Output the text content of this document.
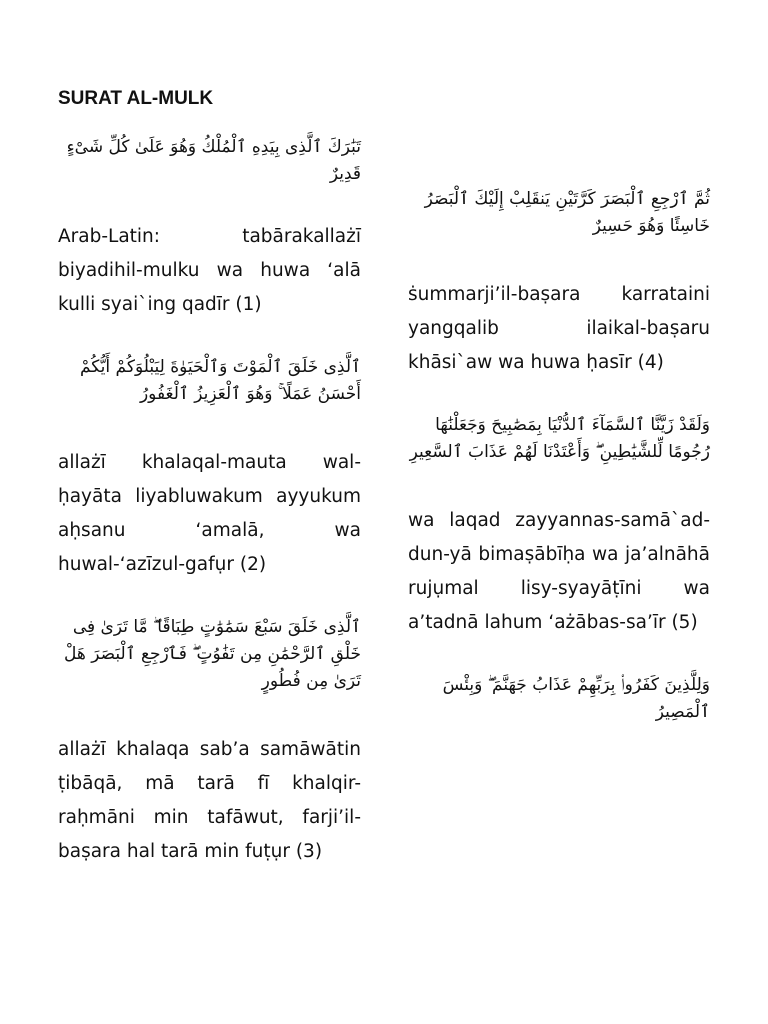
SURAT AL-MULK

تَبَٰرَكَ ٱلَّذِى بِيَدِهِ ٱلْمُلْكُ وَهُوَ عَلَىٰ كُلِّ شَىْءٍ قَدِيرٌ

Arab-Latin: tabārakallażī biyadihil-mulku wa huwa ‘alā kulli syai`ing qadīr (1)

ٱلَّذِى خَلَقَ ٱلْمَوْتَ وَٱلْحَيَوٰةَ لِيَبْلُوَكُمْ أَيُّكُمْ أَحْسَنُ عَمَلًا ۚ وَهُوَ ٱلْعَزِيزُ ٱلْغَفُورُ

allażī khalaqal-mauta wal-ḥayāta liyabluwakum ayyukum aḥsanu ‘amalā, wa huwal-‘azīzul-gafụr (2)

ٱلَّذِى خَلَقَ سَبْعَ سَمَٰوَٰتٍ طِبَاقًا ۖ مَّا تَرَىٰ فِى خَلْقِ ٱلرَّحْمَٰنِ مِن تَفَٰوُتٍ ۖ فَٱرْجِعِ ٱلْبَصَرَ هَلْ تَرَىٰ مِن فُطُورٍ

allażī khalaqa sab’a samāwātin ṭibāqā, mā tarā fī khalqir-raḥmāni min tafāwut, farji’il-baṣara hal tarā min fuṭụr (3)

ثُمَّ ٱرْجِعِ ٱلْبَصَرَ كَرَّتَيْنِ يَنقَلِبْ إِلَيْكَ ٱلْبَصَرُ خَاسِئًا وَهُوَ حَسِيرٌ

ṡummarji’il-baṣara karrataini yangqalib ilaikal-baṣaru khāsi`aw wa huwa ḥasīr (4)

وَلَقَدْ زَيَّنَّا ٱلسَّمَآءَ ٱلدُّنْيَا بِمَصَٰبِيحَ وَجَعَلْنَٰهَا رُجُومًا لِّلشَّيَٰطِينِ ۖ وَأَعْتَدْنَا لَهُمْ عَذَابَ ٱلسَّعِيرِ

wa laqad zayyannas-samā`ad-dun-yā bimaṣābīḥa wa ja’alnāhā rujụmal lisy-syayāṭīni wa a’tadnā lahum ‘ażābas-sa’īr (5)

وَلِلَّذِينَ كَفَرُوا۟ بِرَبِّهِمْ عَذَابُ جَهَنَّمَ ۖ وَبِئْسَ ٱلْمَصِيرُ
